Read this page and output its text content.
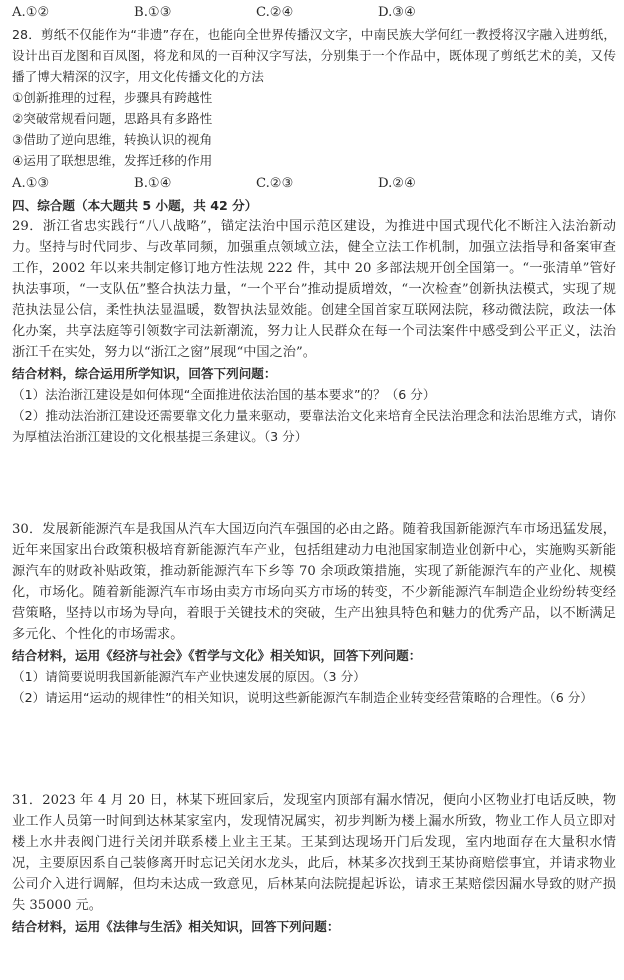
A.①②	B.①③	C.②④	D.③④

28．剪纸不仅能作为“非遗”存在，也能向全世界传播汉文字，中南民族大学何红一教授将汉字融入进剪纸，设计出百龙图和百凤图，将龙和凤的一百种汉字写法，分别集于一个作品中，既体现了剪纸艺术的美，又传播了博大精深的汉字，用文化传播文化的方法

①创新推理的过程，步骤具有跨越性

②突破常规看问题，思路具有多路性

③借助了逆向思维，转换认识的视角

④运用了联想思维，发挥迁移的作用

A.①③	B.①④	C.②③	D.②④

四、综合题（本大题共 5 小题，共 42 分）

29．浙江省忠实践行“八八战略”，锚定法治中国示范区建设，为推进中国式现代化不断注入法治新动力。坚持与时代同步、与改革同频，加强重点领域立法，健全立法工作机制，加强立法指导和备案审查工作，2002 年以来共制定修订地方性法规 222 件，其中 20 多部法规开创全国第一。“一张清单”管好执法事项，“一支队伍”整合执法力量，“一个平台”推动提质增效，“一次检查”创新执法模式，实现了规范执法显公信，柔性执法显温暖，数智执法显效能。创建全国首家互联网法院，移动微法院，政法一体化办案，共享法庭等引领数字司法新潮流，努力让人民群众在每一个司法案件中感受到公平正义，法治浙江千在实处，努力以“浙江之窗”展现“中国之治”。

结合材料，综合运用所学知识，回答下列问题：

（1）法治浙江建设是如何体现“全面推进依法治国的基本要求”的？（6 分）

（2）推动法治浙江建设还需要靠文化力量来驱动，要靠法治文化来培育全民法治理念和法治思维方式，请你为厚植法治浙江建设的文化根基提三条建议。（3 分）

30．发展新能源汽车是我国从汽车大国迈向汽车强国的必由之路。随着我国新能源汽车市场迅猛发展，近年来国家出台政策积极培育新能源汽车产业，包括组建动力电池国家制造业创新中心，实施购买新能源汽车的财政补贴政策，推动新能源汽车下乡等 70 余项政策措施，实现了新能源汽车的产业化、规模化，市场化。随着新能源汽车市场由卖方市场向买方市场的转变，不少新能源汽车制造企业纷纷转变经营策略，坚持以市场为导向，着眼于关键技术的突破，生产出独具特色和魅力的优秀产品，以不断满足多元化、个性化的市场需求。

结合材料，运用《经济与社会》《哲学与文化》相关知识，回答下列问题：

（1）请简要说明我国新能源汽车产业快速发展的原因。（3 分）

（2）请运用“运动的规律性”的相关知识，说明这些新能源汽车制造企业转变经营策略的合理性。（6 分）

31．2023 年 4 月 20 日，林某下班回家后，发现室内顶部有漏水情况，便向小区物业打电话反映，物业工作人员第一时间到达林某家室内，发现情况属实，初步判断为楼上漏水所致，物业工作人员立即对楼上水井表阀门进行关闭并联系楼上业主王某。王某到达现场开门后发现，室内地面存在大量积水情况，主要原因系自己装修离开时忘记关闭水龙头，此后，林某多次找到王某协商赔偿事宜，并请求物业公司介入进行调解，但均未达成一致意见，后林某向法院提起诉讼，请求王某赔偿因漏水导致的财产损失 35000 元。

结合材料，运用《法律与生活》相关知识，回答下列问题：
